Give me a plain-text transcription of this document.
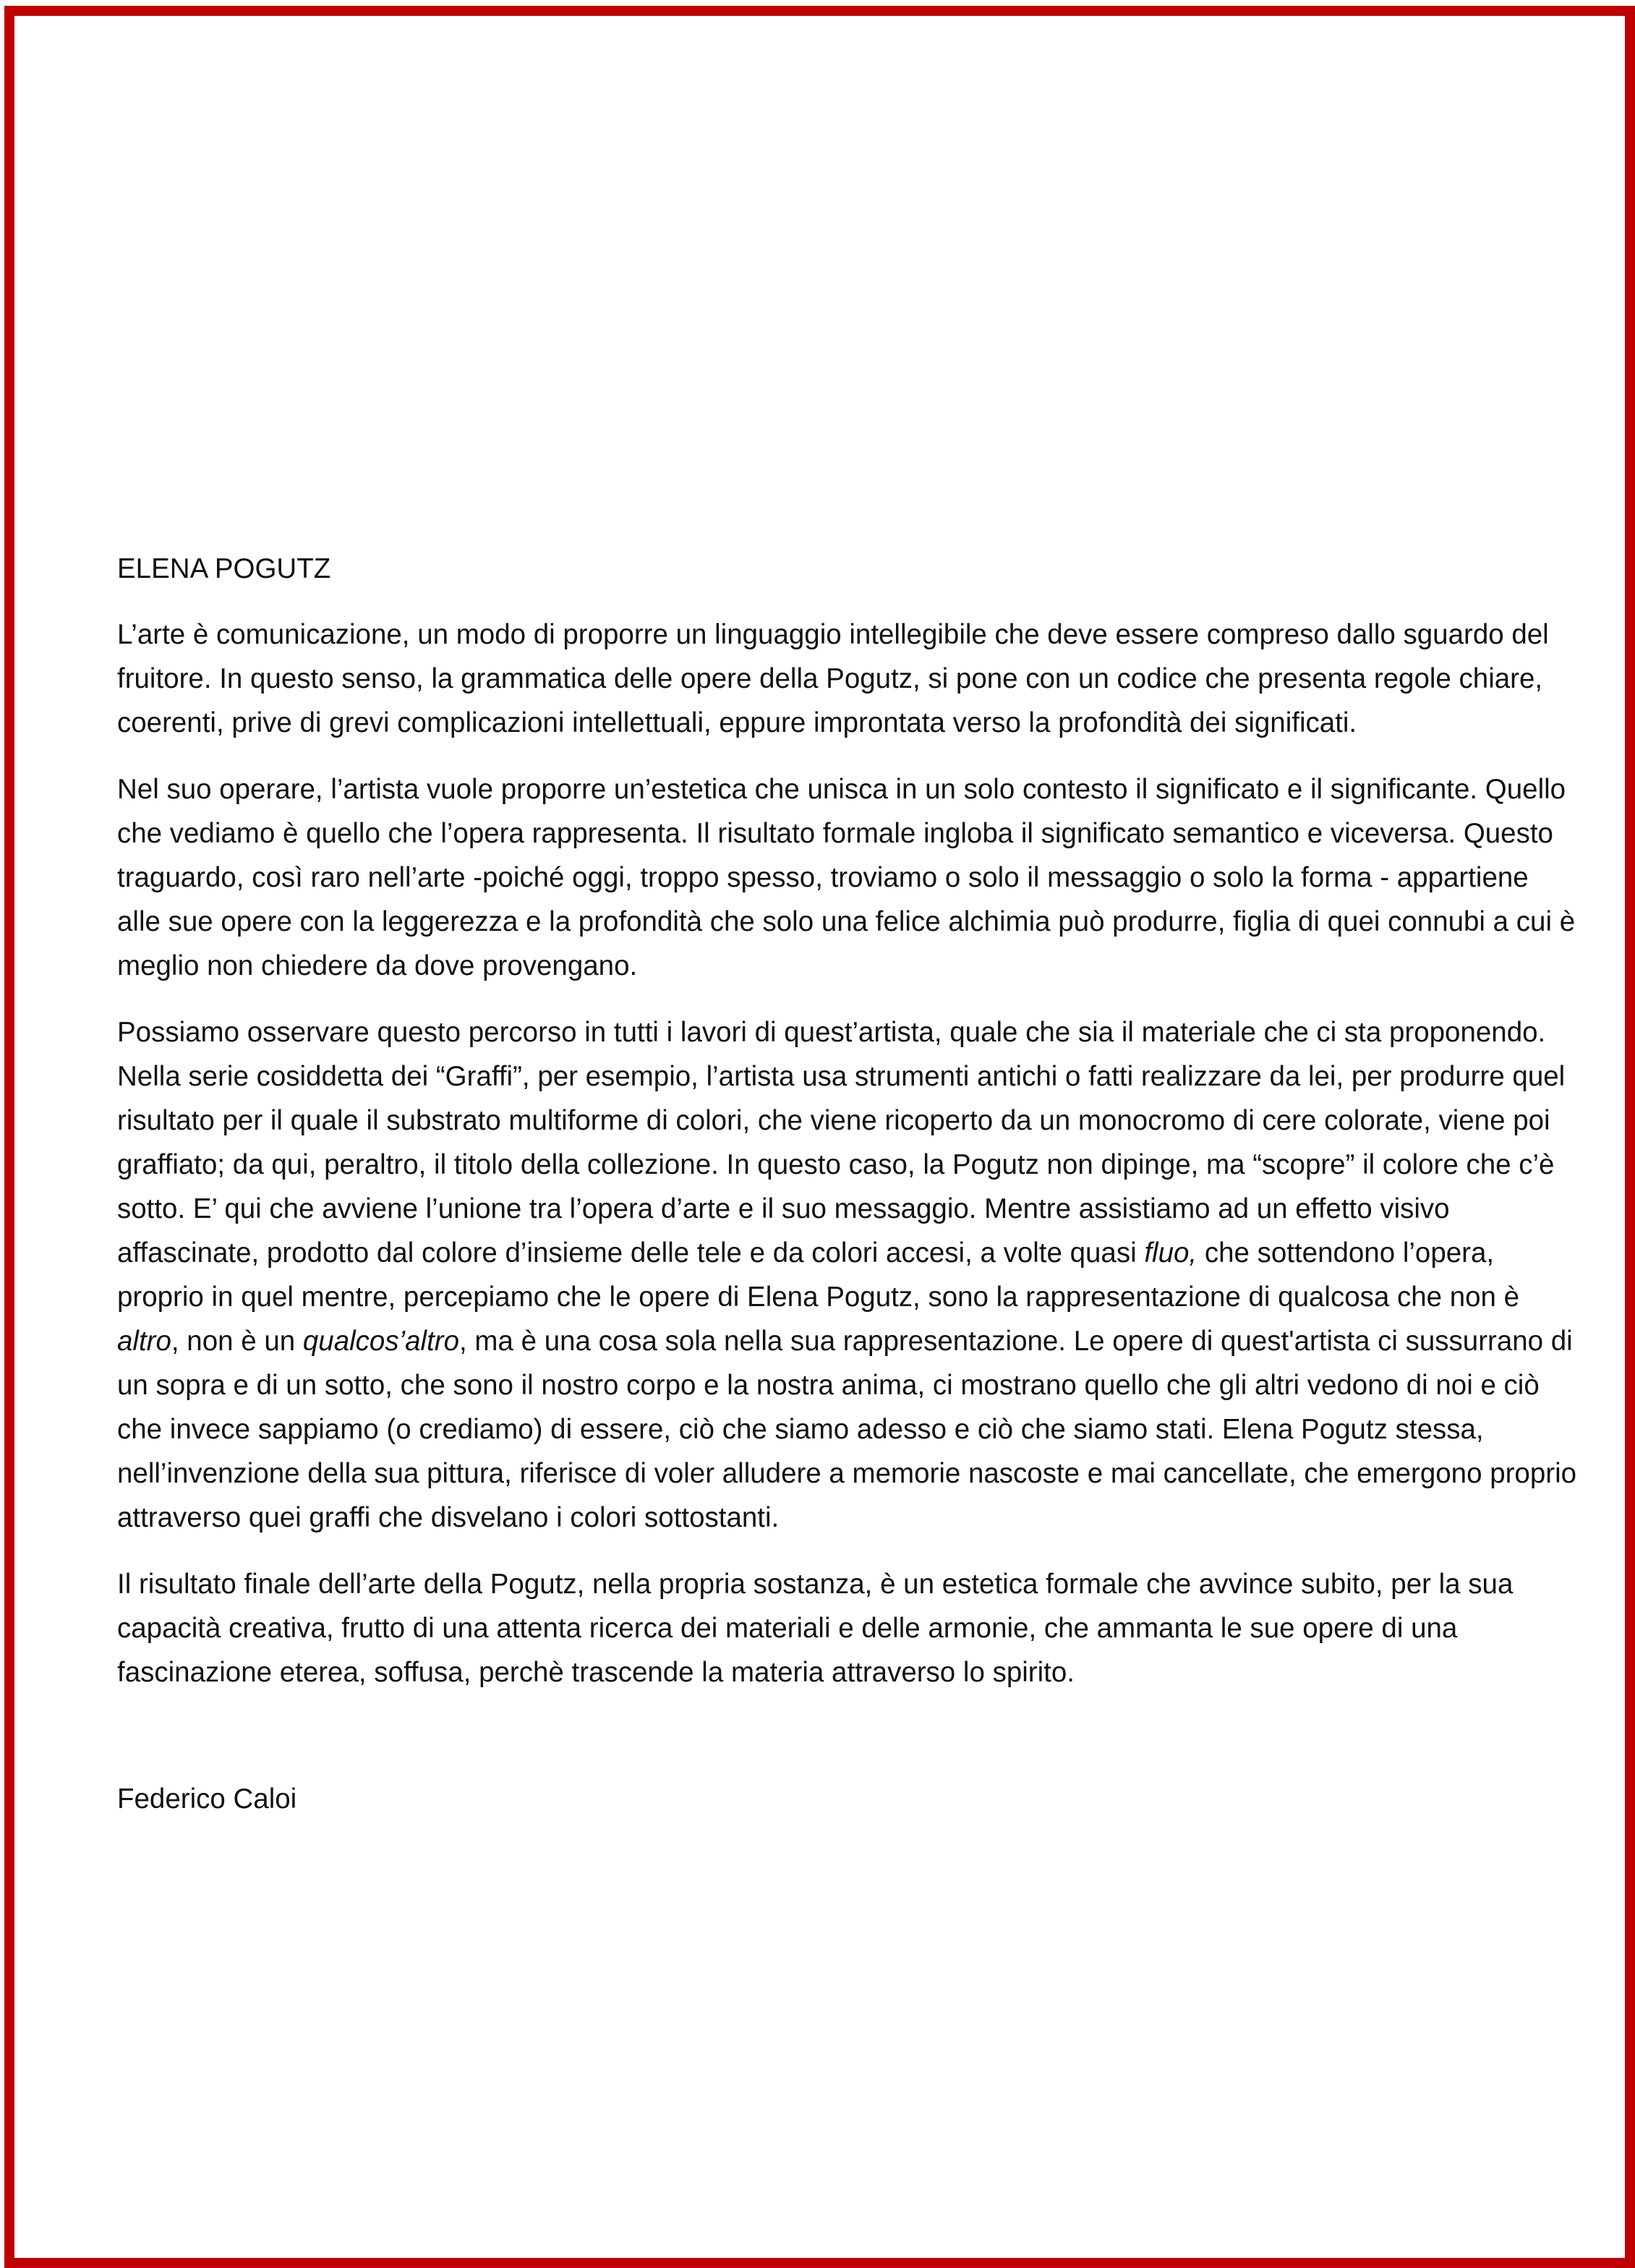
ELENA POGUTZ

L’arte è comunicazione, un modo di proporre un linguaggio intellegibile che deve essere compreso dallo sguardo del fruitore. In questo senso, la grammatica delle opere della Pogutz, si pone con un codice che presenta regole chiare, coerenti, prive di grevi complicazioni intellettuali, eppure improntata verso la profondità dei significati.

Nel suo operare, l’artista vuole proporre un’estetica che unisca in un solo contesto il significato e il significante. Quello che vediamo è quello che l’opera rappresenta. Il risultato formale ingloba il significato semantico e viceversa. Questo traguardo, così raro nell’arte -poiché oggi, troppo spesso, troviamo o solo il messaggio o solo la forma - appartiene alle sue opere con la leggerezza e la profondità che solo una felice alchimia può produrre, figlia di quei connubi a cui è meglio non chiedere da dove provengano.

Possiamo osservare questo percorso in tutti i lavori di quest’artista, quale che sia il materiale che ci sta proponendo. Nella serie cosiddetta dei “Graffi”, per esempio, l’artista usa strumenti antichi o fatti realizzare da lei, per produrre quel risultato per il quale il substrato multiforme di colori, che viene ricoperto da un monocromo di cere colorate, viene poi graffiato; da qui, peraltro, il titolo della collezione. In questo caso, la Pogutz non dipinge, ma “scopre” il colore che c’è sotto. E’ qui che avviene l’unione tra l’opera d’arte e il suo messaggio. Mentre assistiamo ad un effetto visivo affascinate, prodotto dal colore d’insieme delle tele e da colori accesi, a volte quasi fluo, che sottendono l’opera, proprio in quel mentre, percepiamo che le opere di Elena Pogutz, sono la rappresentazione di qualcosa che non è altro, non è un qualcos’altro, ma è una cosa sola nella sua rappresentazione. Le opere di quest'artista ci sussurrano di un sopra e di un sotto, che sono il nostro corpo e la nostra anima, ci mostrano quello che gli altri vedono di noi e ciò che invece sappiamo (o crediamo) di essere, ciò che siamo adesso e ciò che siamo stati. Elena Pogutz stessa, nell’invenzione della sua pittura, riferisce di voler alludere a memorie nascoste e mai cancellate, che emergono proprio attraverso quei graffi che disvelano i colori sottostanti.

Il risultato finale dell’arte della Pogutz, nella propria sostanza, è un estetica formale che avvince subito, per la sua capacità creativa, frutto di una attenta ricerca dei materiali e delle armonie, che ammanta le sue opere di una fascinazione eterea, soffusa, perchè trascende la materia attraverso lo spirito.

Federico Caloi
